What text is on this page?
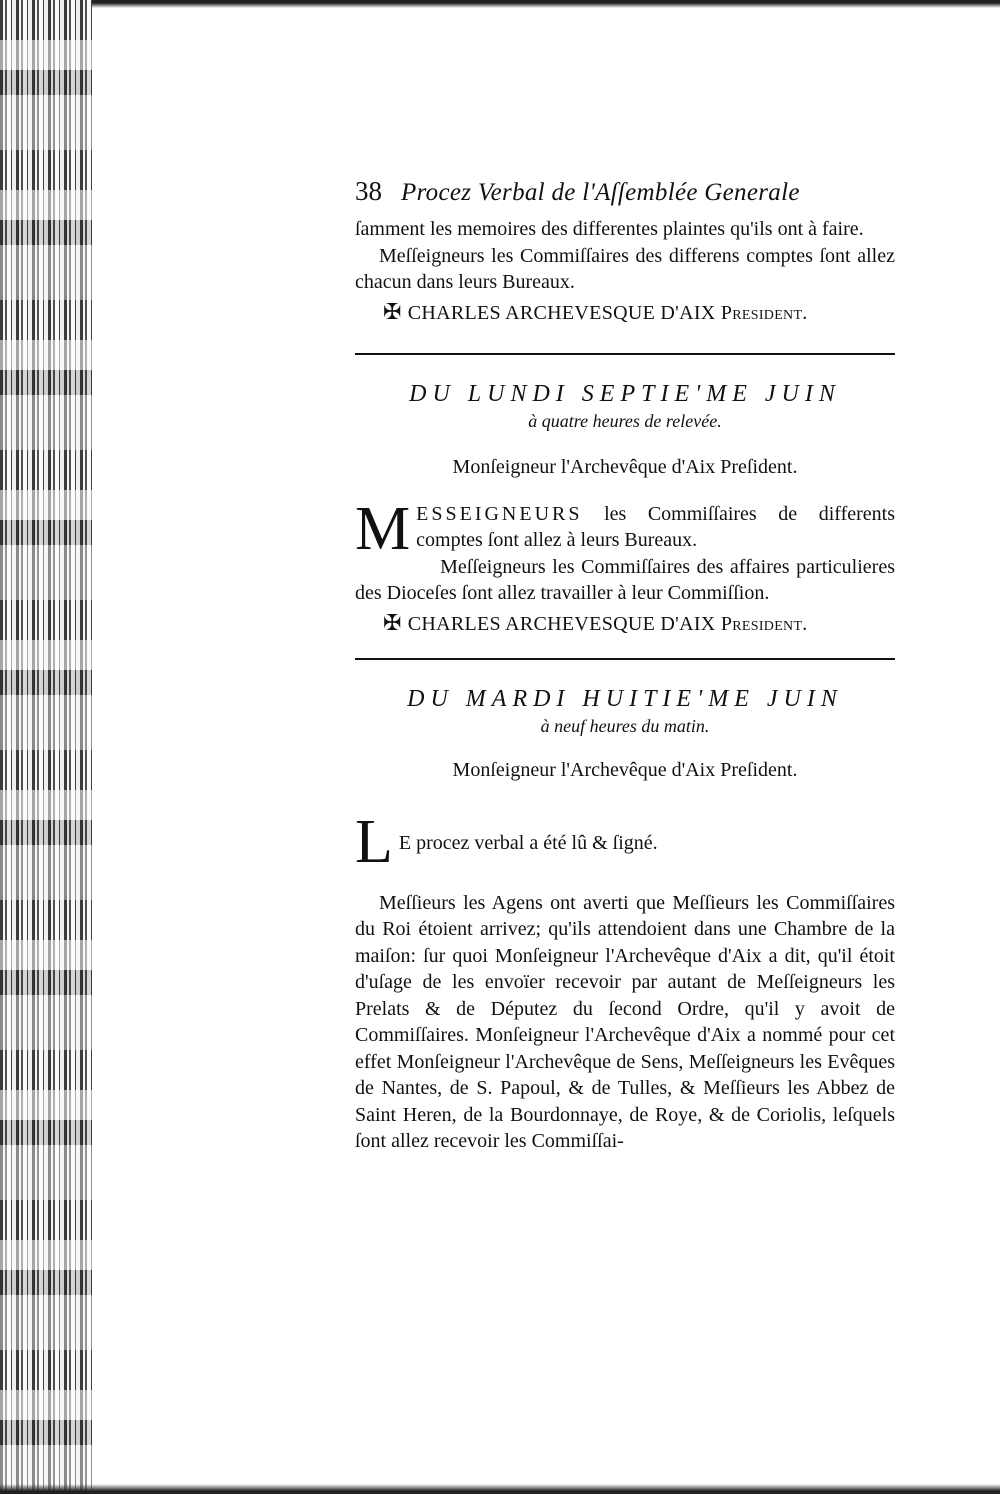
38 Procez Verbal de l'Aſſemblée Generale

ſamment les memoires des differentes plaintes qu'ils ont à faire.

Meſſeigneurs les Commiſſaires des differens comptes ſont allez chacun dans leurs Bureaux.

✠ CHARLES ARCHEVESQUE D'AIX Preſident.

DU LUNDI SEPTIE'ME JUIN

à quatre heures de relevée.

Monſeigneur l'Archevêque d'Aix Preſident.

MESSEIGNEURS les Commiſſaires de differents comptes ſont allez à leurs Bureaux.

Meſſeigneurs les Commiſſaires des affaires particulieres des Dioceſes ſont allez travailler à leur Commiſſion.

✠ CHARLES ARCHEVESQUE D'AIX Preſident.

DU MARDI HUITIE'ME JUIN

à neuf heures du matin.

Monſeigneur l'Archevêque d'Aix Preſident.

L E procez verbal a été lû & ſigné.

Meſſieurs les Agens ont averti que Meſſieurs les Commiſſaires du Roi étoient arrivez; qu'ils attendoient dans une Chambre de la maiſon: ſur quoi Monſeigneur l'Archevêque d'Aix a dit, qu'il étoit d'uſage de les envoïer recevoir par autant de Meſſeigneurs les Prelats & de Députez du ſecond Ordre, qu'il y avoit de Commiſſaires. Monſeigneur l'Archevêque d'Aix a nommé pour cet effet Monſeigneur l'Archevêque de Sens, Meſſeigneurs les Evêques de Nantes, de S. Papoul, & de Tulles, & Meſſieurs les Abbez de Saint Heren, de la Bourdonnaye, de Roye, & de Coriolis, leſquels ſont allez recevoir les Commiſſai-
